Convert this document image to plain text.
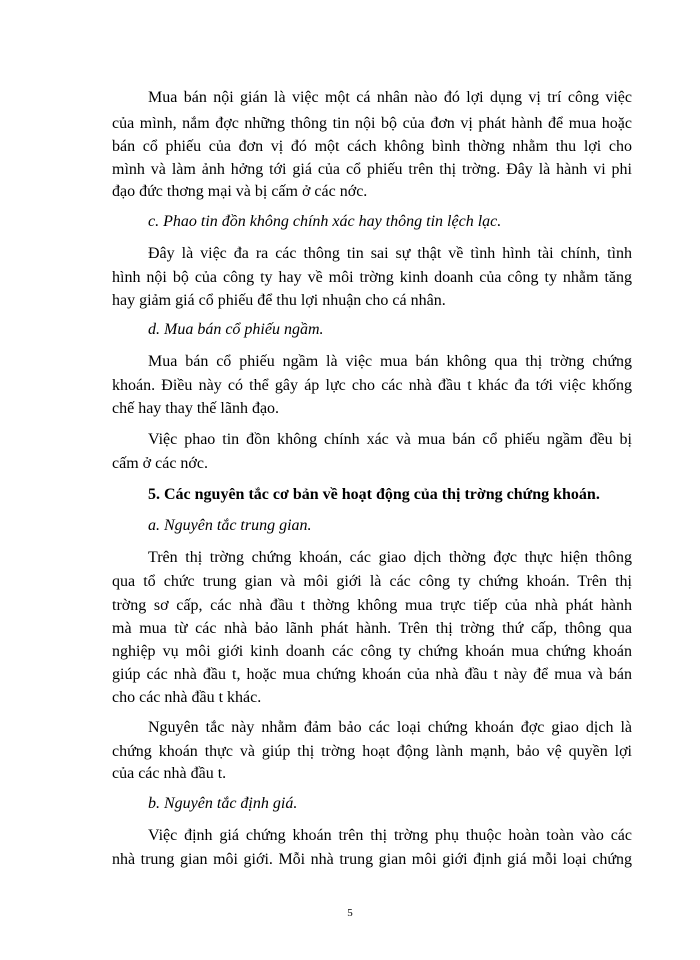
Mua bán nội gián là việc một cá nhân nào đó lợi dụng vị trí công việc
của mình, nắm đợc những thông tin nội bộ của đơn vị phát hành để mua hoặc
bán cổ phiếu của đơn vị đó một cách không bình thờng nhằm thu lợi cho
mình và làm ảnh hởng tới giá của cổ phiếu trên thị trờng. Đây là hành vi phi
đạo đức thơng mại và bị cấm ở các nớc.
c. Phao tin đồn không chính xác hay thông tin lệch lạc.
Đây là việc đa ra các thông tin sai sự thật về tình hình tài chính, tình
hình nội bộ của công ty hay về môi trờng kinh doanh của công ty nhằm tăng
hay giảm giá cổ phiếu để thu lợi nhuận cho cá nhân.
d. Mua bán cổ phiếu ngầm.
Mua bán cổ phiếu ngầm là việc mua bán không qua thị trờng chứng
khoán. Điều này có thể gây áp lực cho các nhà đầu t khác đa tới việc khống
chế hay thay thế lãnh đạo.
Việc phao tin đồn không chính xác và mua bán cổ phiếu ngầm đều bị
cấm ở các nớc.
5. Các nguyên tắc cơ bản về hoạt động của thị trờng chứng khoán.
a. Nguyên tắc trung gian.
Trên thị trờng chứng khoán, các giao dịch thờng đợc thực hiện thông
qua tổ chức trung gian và môi giới là các công ty chứng khoán. Trên thị
trờng sơ cấp, các nhà đầu t thờng không mua trực tiếp của nhà phát hành
mà mua từ các nhà bảo lãnh phát hành. Trên thị trờng thứ cấp, thông qua
nghiệp vụ môi giới kinh doanh các công ty chứng khoán mua chứng khoán
giúp các nhà đầu t, hoặc mua chứng khoán của nhà đầu t này để mua và bán
cho các nhà đầu t khác.
Nguyên tắc này nhằm đảm bảo các loại chứng khoán đợc giao dịch là
chứng khoán thực và giúp thị trờng hoạt động lành mạnh, bảo vệ quyền lợi
của các nhà đầu t.
b. Nguyên tắc định giá.
Việc định giá chứng khoán trên thị trờng phụ thuộc hoàn toàn vào các
nhà trung gian môi giới. Mỗi nhà trung gian môi giới định giá mỗi loại chứng
5
